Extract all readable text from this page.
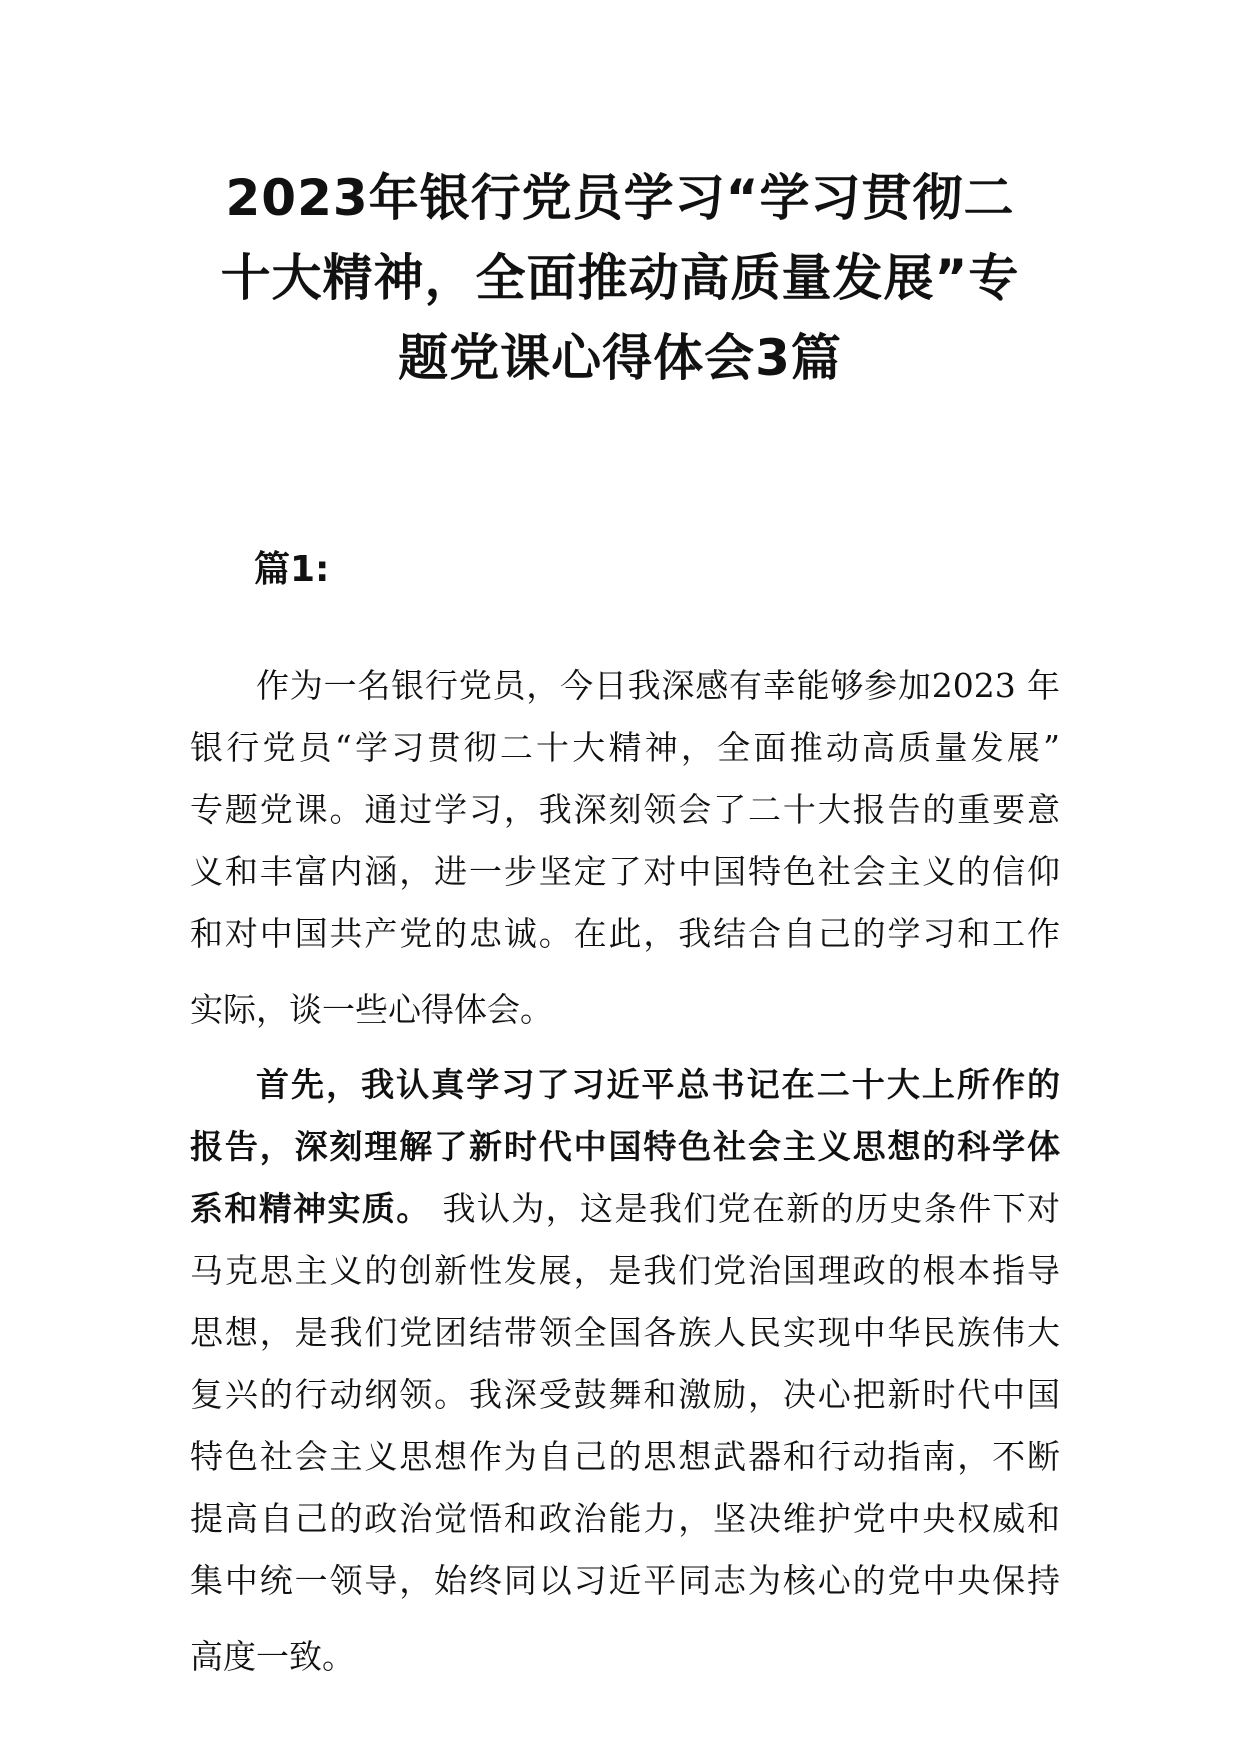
2023年银行党员学习“学习贯彻二
十大精神，全面推动高质量发展”专
题党课心得体会3篇
篇1:
作为一名银行党员，今日我深感有幸能够参加2023 年
银行党员“学习贯彻二十大精神，全面推动高质量发展”
专题党课。通过学习，我深刻领会了二十大报告的重要意
义和丰富内涵，进一步坚定了对中国特色社会主义的信仰
和对中国共产党的忠诚。在此，我结合自己的学习和工作
实际，谈一些心得体会。
首先，我认真学习了习近平总书记在二十大上所作的
报告，深刻理解了新时代中国特色社会主义思想的科学体
系和精神实质。 我认为，这是我们党在新的历史条件下对
马克思主义的创新性发展，是我们党治国理政的根本指导
思想，是我们党团结带领全国各族人民实现中华民族伟大
复兴的行动纲领。我深受鼓舞和激励，决心把新时代中国
特色社会主义思想作为自己的思想武器和行动指南，不断
提高自己的政治觉悟和政治能力，坚决维护党中央权威和
集中统一领导，始终同以习近平同志为核心的党中央保持
高度一致。
